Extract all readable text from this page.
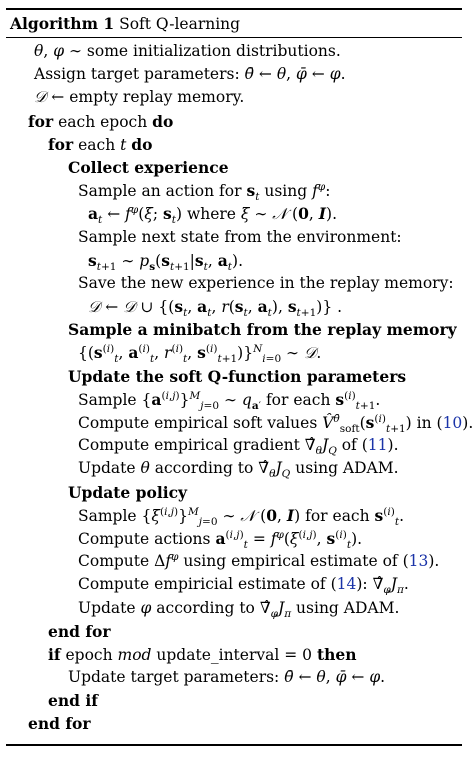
Algorithm 1 Soft Q-learning
θ, φ ∼ some initialization distributions.
Assign target parameters: θ̄ ← θ, φ̄ ← φ.
𝒟 ← empty replay memory.
for each epoch do
for each t do
Collect experience
Sample an action for $s_t$ using $f^\varphi$:
$a_t$ ← $f^\varphi(\xi$; $s_t$) where ξ ∼ 𝒩 (0, I).
Sample next state from the environment:
$s_{t+1}$ ∼ $p_s(s_{t+1}|s_t$, $a_t$).
Save the new experience in the replay memory:
𝒟 ← 𝒟 ∪ {($s_t$, $a_t$, $r(s_t$, $a_t$), $s_{t+1}$)} .
Sample a minibatch from the replay memory
{($s^{(i)}_t$, $a^{(i)}_t$, $r^{(i)}_t$, $s^{(i)}_{t+1})\}^N_{i=0}$ ∼ 𝒟.
Update the soft Q-function parameters
Sample $\{a^{(i,j)}\}^M_{j=0}$ ∼ $q_{a'}$ for each $s^{(i)}_{t+1}$.
Compute empirical soft values $V̂^{\thetā}_{soft}(s^{(i)}_{t+1})$ in (10).
Compute empirical gradient $\nablâ_\theta J_Q$ of (11).
Update θ according to $\nablâ_\theta J_Q$ using ADAM.
Update policy
Sample $\{\xi^{(i,j)}\}^M_{j=0}$ ∼ 𝒩 (0, I) for each $s^{(i)}_t$.
Compute actions $a^{(i,j)}_t = f^\varphi(\xi^{(i,j)}$, $s^{(i)}_t$).
Compute $\Delta f^\varphi$ using empirical estimate of (13).
Compute empiricial estimate of (14): $\nablâ_\varphi J_\pi$.
Update φ according to $\nablâ_\varphi J_\pi$ using ADAM.
end for
if epoch mod update_interval = 0 then
Update target parameters: θ̄ ← θ, φ̄ ← φ.
end if
end for
